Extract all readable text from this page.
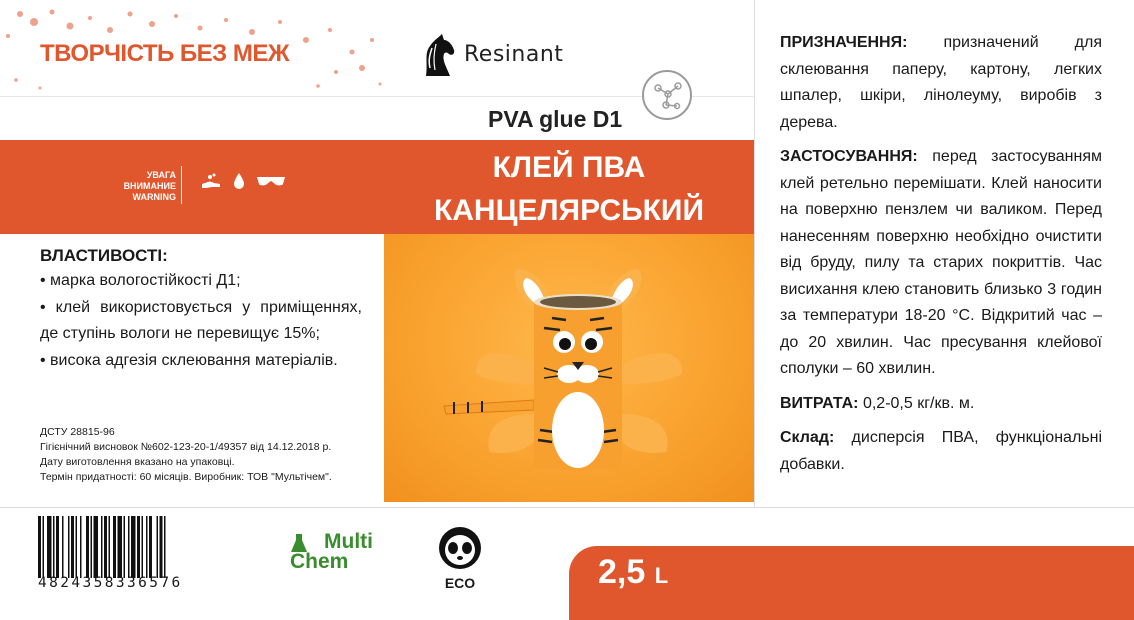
ТВОРЧІСТЬ БЕЗ МЕЖ	Resinant
PVA glue D1
УВАГА
ВНИМАНИЕ
WARNING
КЛЕЙ ПВА
КАНЦЕЛЯРСЬКИЙ
ВЛАСТИВОСТІ:

• марка вологостійкості Д1;

• клей використовується у приміщеннях, де ступінь вологи не перевищує 15%;

• висока адгезія склеювання матеріалів.

ДСТУ 28815-96

Гігієнічний висновок №602-123-20-1/49357 від 14.12.2018 р.

Дату виготовлення вказано на упаковці.

Термін придатності: 60 місяців. Виробник: ТОВ "Мультічем".

ПРИЗНАЧЕННЯ: призначений для склеювання паперу, картону, легких шпалер, шкіри, лінолеуму, виробів з дерева.

ЗАСТОСУВАННЯ: перед застосуванням клей ретельно перемішати. Клей наносити на поверхню пензлем чи валиком. Перед нанесенням поверхню необхідно очистити від бруду, пилу та старих покриттів. Час висихання клею становить близько 3 годин за температури 18-20 °C. Відкритий час – до 20 хвилин. Час пресування клейової сполуки – 60 хвилин.

ВИТРАТА: 0,2-0,5 кг/кв. м.

Склад: дисперсія ПВА, функціональні добавки.

4824358336576
Multi
Chem
ECO	2,5 L
